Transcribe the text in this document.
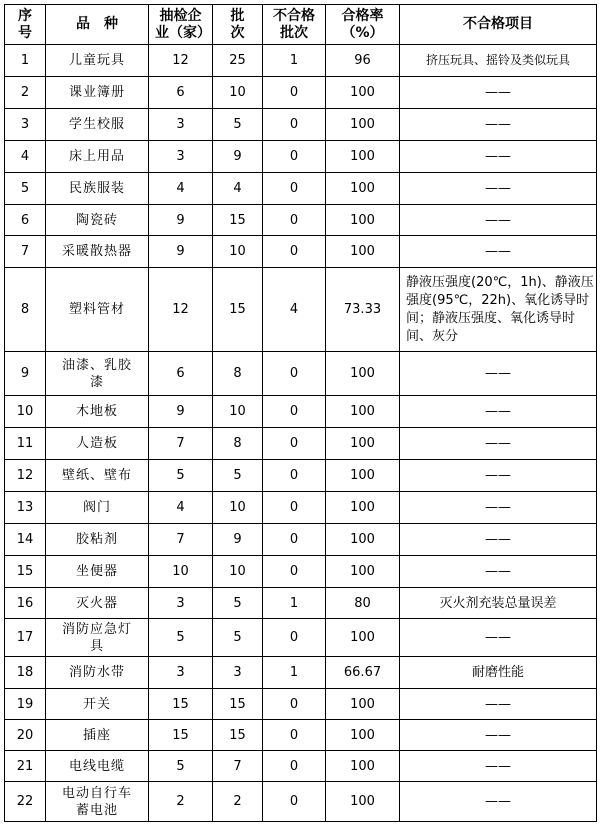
序号	品　种	抽检企业（家）	批次	不合格批次	合格率（%）	不合格项目
1	儿童玩具	12	25	1	96	挤压玩具、摇铃及类似玩具
2	课业簿册	6	10	0	100	——
3	学生校服	3	5	0	100	——
4	床上用品	3	9	0	100	——
5	民族服装	4	4	0	100	——
6	陶瓷砖	9	15	0	100	——
7	采暖散热器	9	10	0	100	——
8	塑料管材	12	15	4	73.33	静液压强度(20℃，1h)、静液压强度(95℃，22h)、氧化诱导时间；静液压强度、氧化诱导时间、灰分
9	油漆、乳胶漆	6	8	0	100	——
10	木地板	9	10	0	100	——
11	人造板	7	8	0	100	——
12	壁纸、壁布	5	5	0	100	——
13	阀门	4	10	0	100	——
14	胶粘剂	7	9	0	100	——
15	坐便器	10	10	0	100	——
16	灭火器	3	5	1	80	灭火剂充装总量误差
17	消防应急灯具	5	5	0	100	——
18	消防水带	3	3	1	66.67	耐磨性能
19	开关	15	15	0	100	——
20	插座	15	15	0	100	——
21	电线电缆	5	7	0	100	——
22	电动自行车蓄电池	2	2	0	100	——
